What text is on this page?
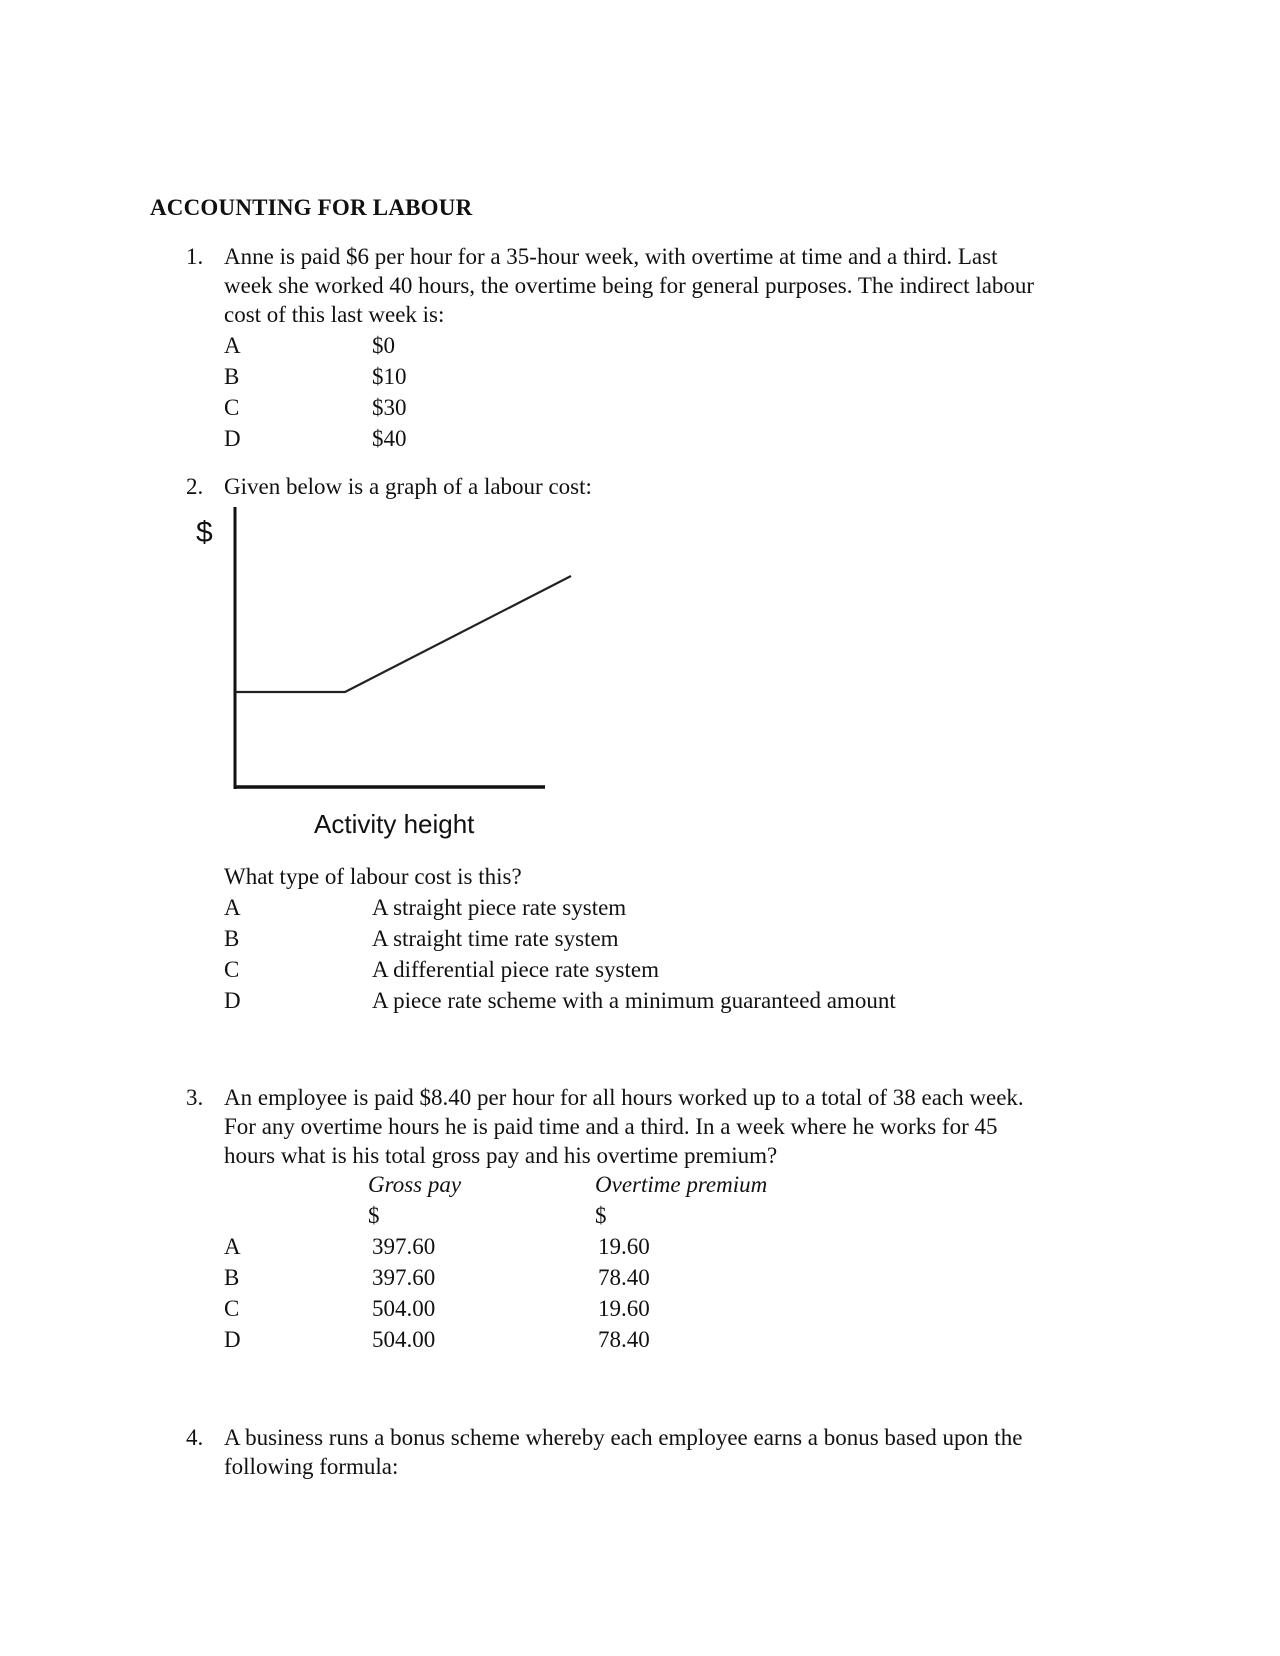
ACCOUNTING FOR LABOUR
1. Anne is paid $6 per hour for a 35-hour week, with overtime at time and a third. Last
week she worked 40 hours, the overtime being for general purposes. The indirect labour
cost of this last week is:
A	$0
B	$10
C	$30
D	$40
2. Given below is a graph of a labour cost:
$
Activity height
What type of labour cost is this?
A	A straight piece rate system
B	A straight time rate system
C	A differential piece rate system
D	A piece rate scheme with a minimum guaranteed amount
3. An employee is paid $8.40 per hour for all hours worked up to a total of 38 each week.
For any overtime hours he is paid time and a third. In a week where he works for 45
hours what is his total gross pay and his overtime premium?
Gross pay	Overtime premium
$	$
A	397.60	19.60
B	397.60	78.40
C	504.00	19.60
D	504.00	78.40
4. A business runs a bonus scheme whereby each employee earns a bonus based upon the
following formula:
